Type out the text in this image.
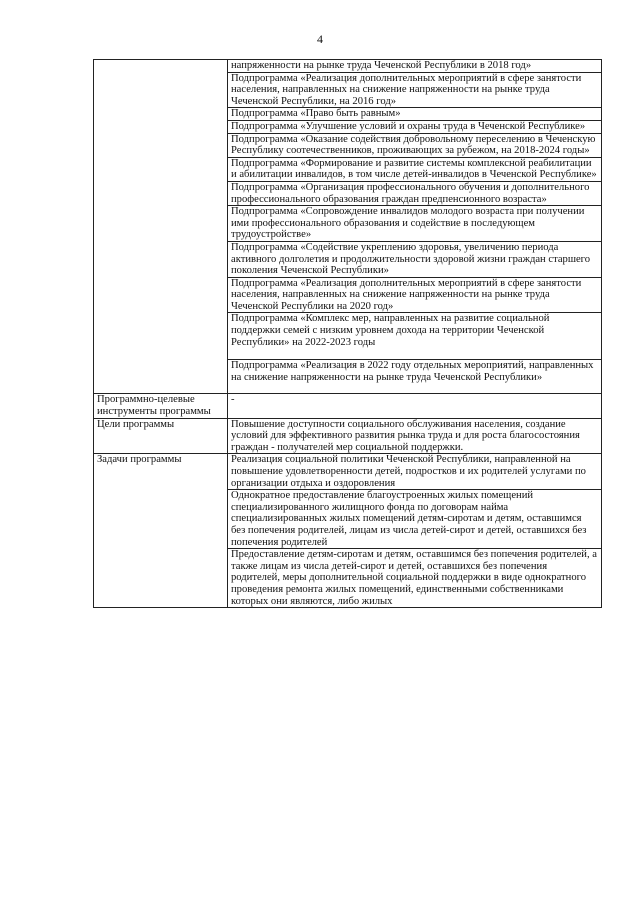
4

	напряженности на рынке труда Чеченской Республики в 2018 год»

	Подпрограмма «Реализация дополнительных мероприятий в сфере занятости населения, направленных на снижение напряженности на рынке труда Чеченской Республики, на 2016 год»

	Подпрограмма «Право быть равным»

	Подпрограмма «Улучшение условий и охраны труда в Чеченской Республике»

	Подпрограмма «Оказание содействия добровольному переселению в Чеченскую Республику соотечественников, проживающих за рубежом, на 2018-2024 годы»

	Подпрограмма «Формирование и развитие системы комплексной реабилитации и абилитации инвалидов, в том числе детей-инвалидов в Чеченской Республике»

	Подпрограмма «Организация профессионального обучения и дополнительного профессионального образования граждан предпенсионного возраста»

	Подпрограмма «Сопровождение инвалидов молодого возраста при получении ими профессионального образования и содействие в последующем трудоустройстве»

	Подпрограмма «Содействие укреплению здоровья, увеличению периода активного долголетия и продолжительности здоровой жизни граждан старшего поколения Чеченской Республики»

	Подпрограмма «Реализация дополнительных мероприятий в сфере занятости населения, направленных на снижение напряженности на рынке труда Чеченской Республики на 2020 год»

	Подпрограмма «Комплекс мер, направленных на развитие социальной поддержки семей с низким уровнем дохода на территории Чеченской Республики» на 2022-2023 годы

	Подпрограмма «Реализация в 2022 году отдельных мероприятий, направленных на снижение напряженности на рынке труда Чеченской Республики»

Программно-целевые инструменты программы	-

Цели программы	Повышение доступности социального обслуживания населения, создание условий для эффективного развития рынка труда и для роста благосостояния граждан - получателей мер социальной поддержки.

Задачи программы	Реализация социальной политики Чеченской Республики, направленной на повышение удовлетворенности детей, подростков и их родителей услугами по организации отдыха и оздоровления

	Однократное предоставление благоустроенных жилых помещений специализированного жилищного фонда по договорам найма специализированных жилых помещений детям-сиротам и детям, оставшимся без попечения родителей, лицам из числа детей-сирот и детей, оставшихся без попечения родителей

	Предоставление детям-сиротам и детям, оставшимся без попечения родителей, а также лицам из числа детей-сирот и детей, оставшихся без попечения родителей, меры дополнительной социальной поддержки в виде однократного проведения ремонта жилых помещений, единственными собственниками которых они являются, либо жилых
